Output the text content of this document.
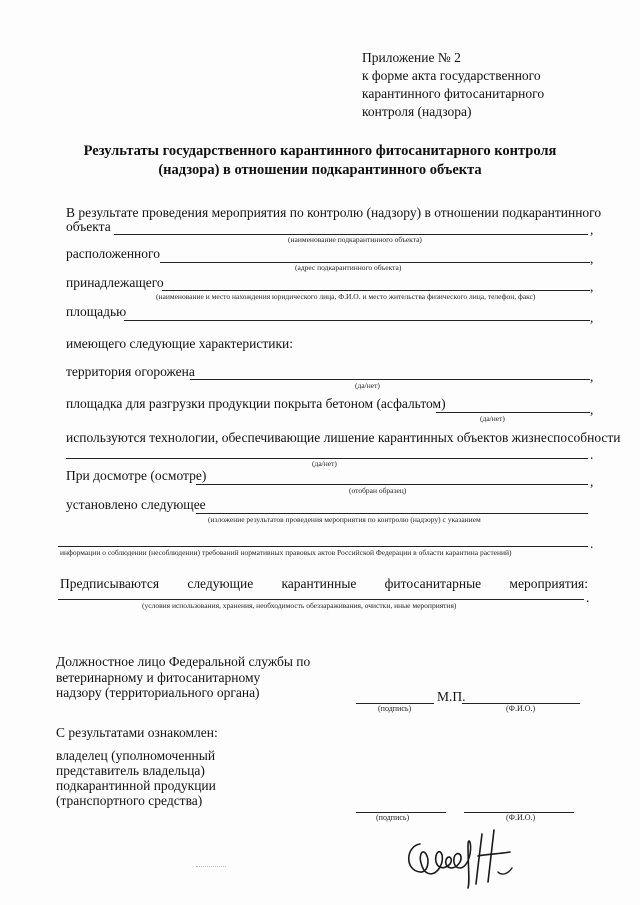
Приложение № 2
к форме акта государственного
карантинного фитосанитарного
контроля (надзора)
Результаты государственного карантинного фитосанитарного контроля
(надзора) в отношении подкарантинного объекта
В результате проведения мероприятия по контролю (надзору) в отношении подкарантинного
объекта	,
(наименование подкарантинного объекта)
расположенного	,
(адрес подкарантинного объекта)
принадлежащего	,
(наименование и место нахождения юридического лица, Ф.И.О. и место жительства физического лица, телефон, факс)
площадью	,
имеющего следующие характеристики:
территория огорожена	,
(да/нет)
площадка для разгрузки продукции покрыта бетоном (асфальтом)	,
(да/нет)
используются технологии, обеспечивающие лишение карантинных объектов жизнеспособности
.
(да/нет)
При досмотре (осмотре)	,
(отобран образец)
установлено следующее
(изложение результатов проведения мероприятия по контролю (надзору) с указанием
.
информации о соблюдении (несоблюдении) требований нормативных правовых актов Российской Федерации в области карантина растений)
Предписываются следующие карантинные фитосанитарные мероприятия:
.
(условия использования, хранения, необходимость обеззараживания, очистки, иные мероприятия)
Должностное лицо Федеральной службы по
ветеринарному и фитосанитарному
надзору (территориального органа)	М.П.
(подпись)	(Ф.И.О.)
С результатами ознакомлен:
владелец (уполномоченный
представитель владельца)
подкарантинной продукции
(транспортного средства)
(подпись)	(Ф.И.О.)
